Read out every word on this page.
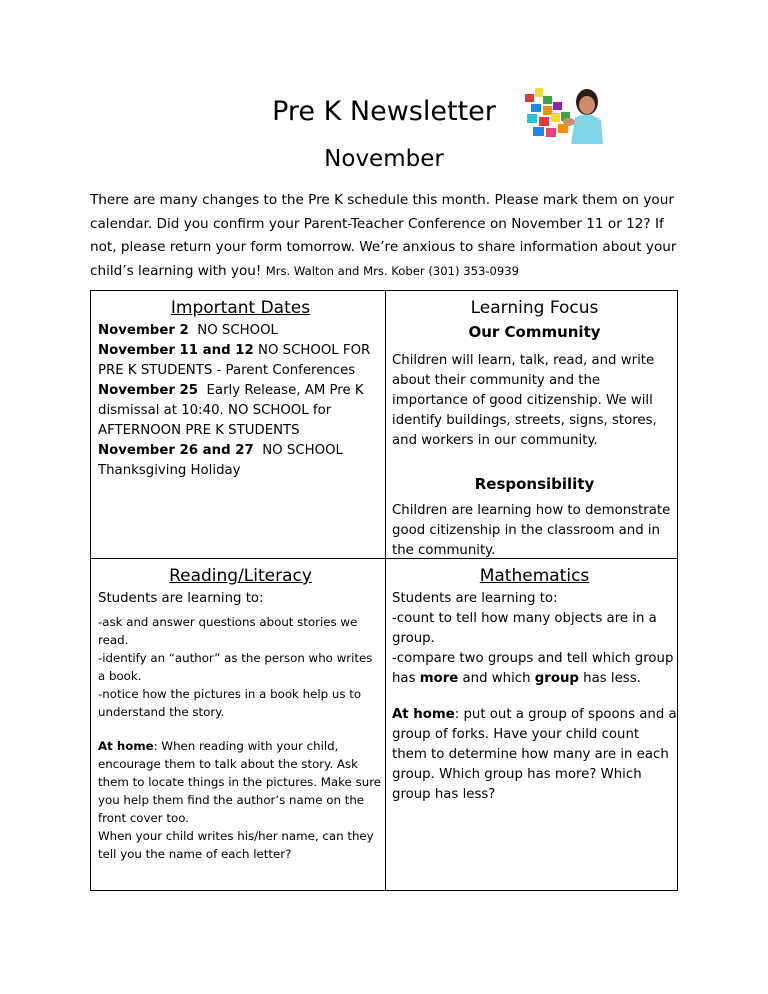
Pre K Newsletter
November
There are many changes to the Pre K schedule this month. Please mark them on your calendar. Did you confirm your Parent-Teacher Conference on November 11 or 12? If not, please return your form tomorrow. We’re anxious to share information about your child’s learning with you! Mrs. Walton and Mrs. Kober (301) 353-0939
Important Dates

November 2 NO SCHOOL

November 11 and 12 NO SCHOOL FOR PRE K STUDENTS - Parent Conferences

November 25 Early Release, AM Pre K dismissal at 10:40. NO SCHOOL for AFTERNOON PRE K STUDENTS

November 26 and 27 NO SCHOOL Thanksgiving Holiday

Learning Focus
Our Community

Children will learn, talk, read, and write about their community and the importance of good citizenship. We will identify buildings, streets, signs, stores, and workers in our community.

Responsibility

Children are learning how to demonstrate good citizenship in the classroom and in the community.

Reading/Literacy

Students are learning to:

-ask and answer questions about stories we read.

-identify an “author” as the person who writes a book.

-notice how the pictures in a book help us to understand the story.

At home: When reading with your child, encourage them to talk about the story. Ask them to locate things in the pictures. Make sure you help them find the author’s name on the front cover too.

When your child writes his/her name, can they tell you the name of each letter?

Mathematics

Students are learning to:

-count to tell how many objects are in a group.

-compare two groups and tell which group has more and which group has less.

At home: put out a group of spoons and a group of forks. Have your child count them to determine how many are in each group. Which group has more? Which group has less?
